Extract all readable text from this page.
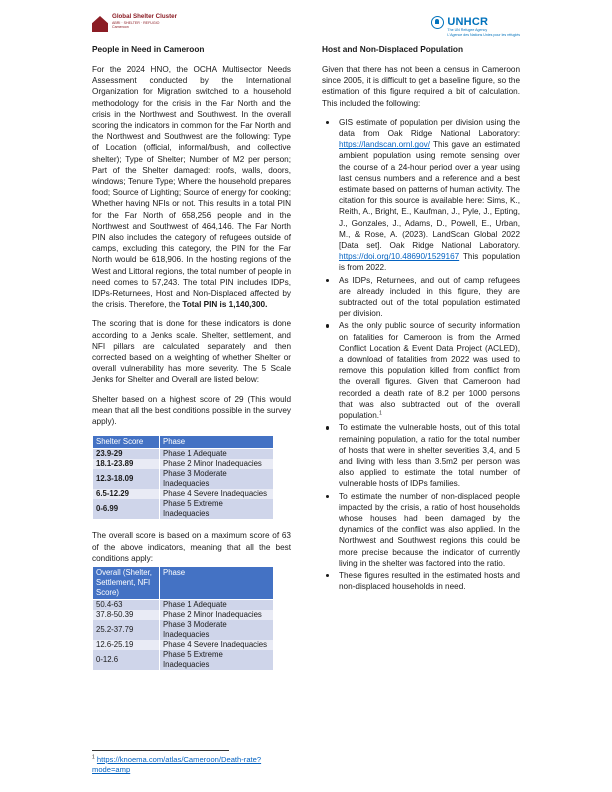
Global Shelter Cluster
ABRI · SHELTER · REFUGIO
Cameroon	UNHCR
The UN Refugee Agency
L'Agence des Nations Unies pour les réfugiés
People in Need in Cameroon

For the 2024 HNO, the OCHA Multisector Needs Assessment conducted by the International Organization for Migration switched to a household methodology for the crisis in the Far North and the crisis in the Northwest and Southwest. In the overall scoring the indicators in common for the Far North and the Northwest and Southwest are the following: Type of Location (official, informal/bush, and collective shelter); Type of Shelter; Number of M2 per person; Part of the Shelter damaged: roofs, walls, doors, windows; Tenure Type; Where the household prepares food; Source of Lighting; Source of energy for cooking; Whether having NFIs or not. This results in a total PIN for the Far North of 658,256 people and in the Northwest and Southwest of 464,146. The Far North PIN also includes the category of refugees outside of camps, excluding this category, the PIN for the Far North would be 618,906. In the hosting regions of the West and Littoral regions, the total number of people in need comes to 57,243. The total PIN includes IDPs, IDPs-Returnees, Host and Non-Displaced affected by the crisis. Therefore, the Total PIN is 1,140,300.

The scoring that is done for these indicators is done according to a Jenks scale. Shelter, settlement, and NFI pillars are calculated separately and then corrected based on a weighting of whether Shelter or overall vulnerability has more severity. The 5 Scale Jenks for Shelter and Overall are listed below:

Shelter based on a highest score of 29 (This would mean that all the best conditions possible in the survey apply).

Shelter Score	Phase
23.9-29	Phase 1 Adequate
18.1-23.89	Phase 2 Minor Inadequacies
12.3-18.09	Phase 3 Moderate Inadequacies
6.5-12.29	Phase 4 Severe Inadequacies
0-6.99	Phase 5 Extreme Inadequacies

The overall score is based on a maximum score of 63 of the above indicators, meaning that all the best conditions apply:

Overall (Shelter, Settlement, NFI Score)	Phase
50.4-63	Phase 1 Adequate
37.8-50.39	Phase 2 Minor Inadequacies
25.2-37.79	Phase 3 Moderate Inadequacies
12.6-25.19	Phase 4 Severe Inadequacies
0-12.6	Phase 5 Extreme Inadequacies
Host and Non-Displaced Population

Given that there has not been a census in Cameroon since 2005, it is difficult to get a baseline figure, so the estimation of this figure required a bit of calculation. This included the following:

GIS estimate of population per division using the data from Oak Ridge National Laboratory: https://landscan.ornl.gov/ This gave an estimated ambient population using remote sensing over the course of a 24-hour period over a year using last census numbers and a reference and a best estimate based on patterns of human activity. The citation for this source is available here: Sims, K., Reith, A., Bright, E., Kaufman, J., Pyle, J., Epting, J., Gonzales, J., Adams, D., Powell, E., Urban, M., & Rose, A. (2023). LandScan Global 2022 [Data set]. Oak Ridge National Laboratory. https://doi.org/10.48690/1529167 This population is from 2022.
As IDPs, Returnees, and out of camp refugees are already included in this figure, they are subtracted out of the total population estimated per division.
As the only public source of security information on fatalities for Cameroon is from the Armed Conflict Location & Event Data Project (ACLED), a download of fatalities from 2022 was used to remove this population killed from conflict from the overall figures. Given that Cameroon had recorded a death rate of 8.2 per 1000 persons that was also subtracted out of the overall population.$^1$
To estimate the vulnerable hosts, out of this total remaining population, a ratio for the total number of hosts that were in shelter severities 3,4, and 5 and living with less than 3.5m2 per person was also applied to estimate the total number of vulnerable hosts of IDPs families.
To estimate the number of non-displaced people impacted by the crisis, a ratio of host households whose houses had been damaged by the dynamics of the conflict was also applied. In the Northwest and Southwest regions this could be more precise because the indicator of currently living in the shelter was factored into the ratio.
These figures resulted in the estimated hosts and non-displaced households in need.
$^1$ https://knoema.com/atlas/Cameroon/Death-rate?mode=amp
